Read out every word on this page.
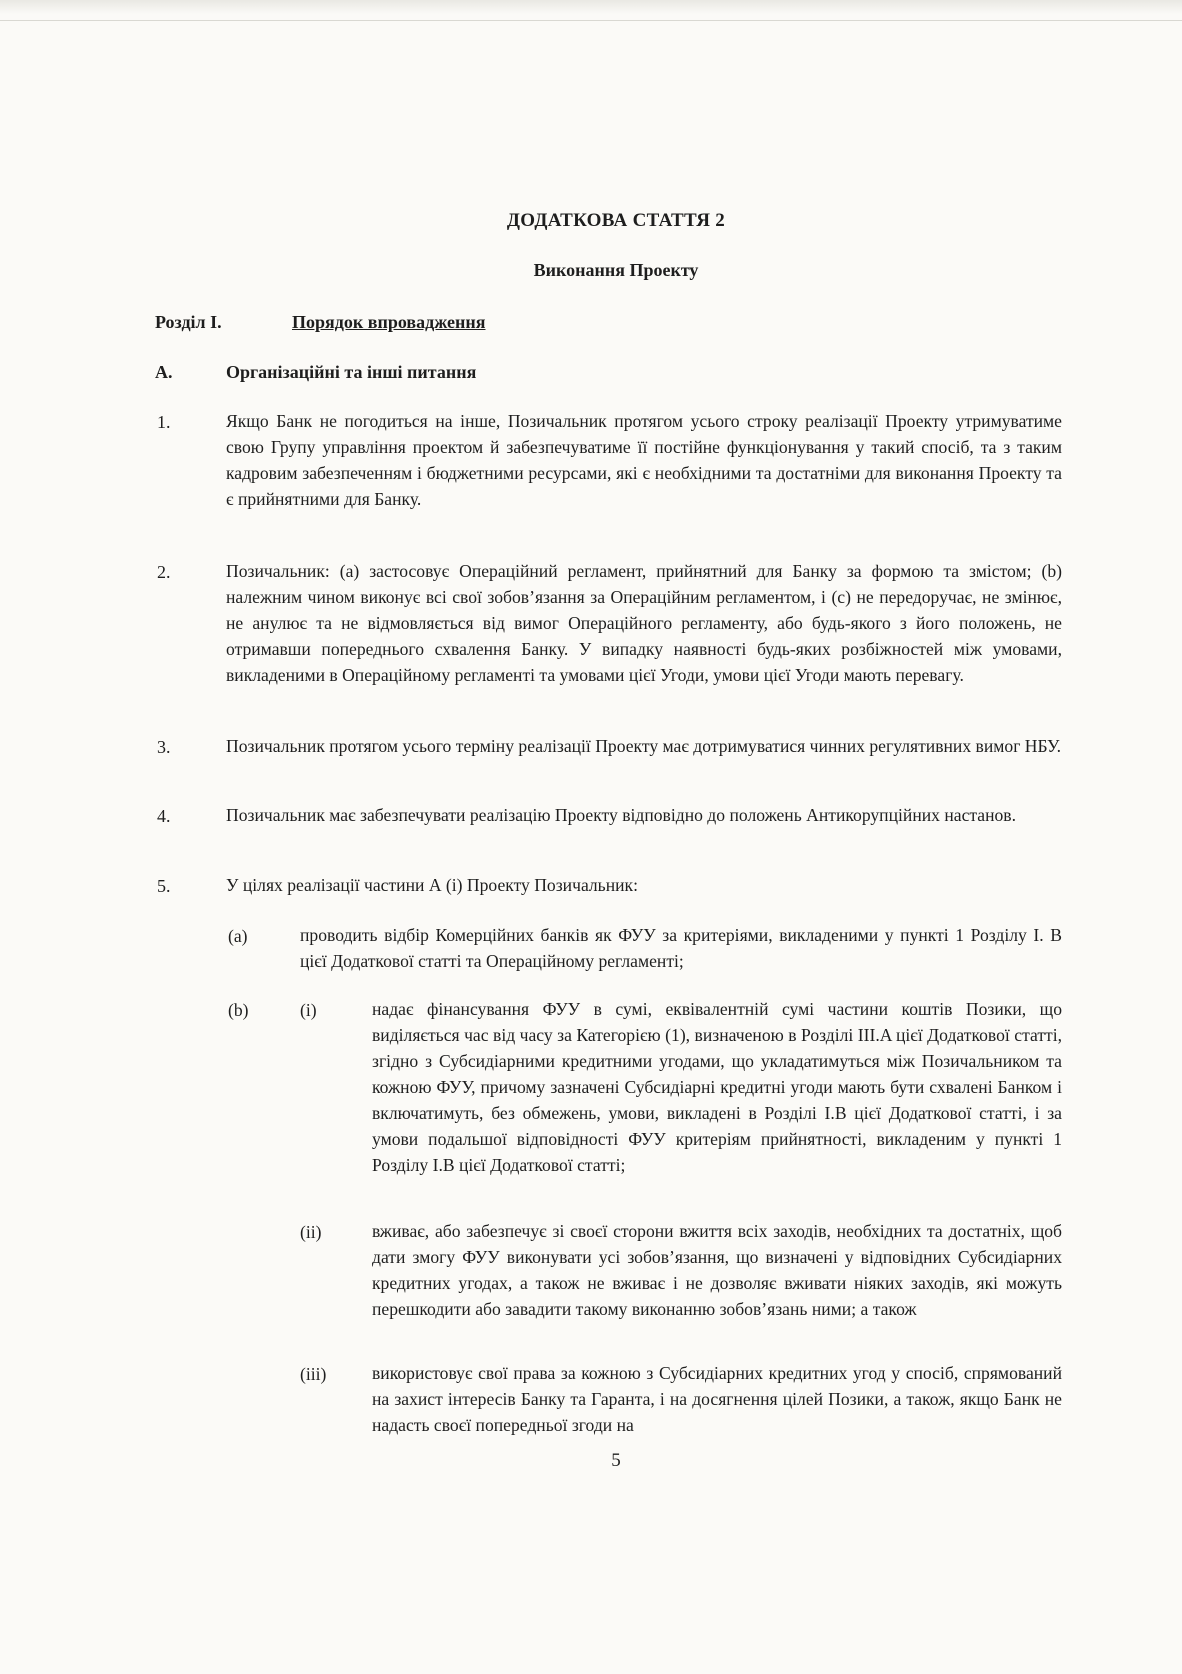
ДОДАТКОВА СТАТТЯ 2
Виконання Проекту
Розділ I.	Порядок впровадження
A.	Організаційні та інші питання
1.	Якщо Банк не погодиться на інше, Позичальник протягом усього строку реалізації Проекту утримуватиме свою Групу управління проектом й забезпечуватиме її постійне функціонування у такий спосіб, та з таким кадровим забезпеченням і бюджетними ресурсами, які є необхідними та достатніми для виконання Проекту та є прийнятними для Банку.
2.	Позичальник: (a) застосовує Операційний регламент, прийнятний для Банку за формою та змістом; (b) належним чином виконує всі свої зобов’язання за Операційним регламентом, і (c) не передоручає, не змінює, не анулює та не відмовляється від вимог Операційного регламенту, або будь-якого з його положень, не отримавши попереднього схвалення Банку. У випадку наявності будь-яких розбіжностей між умовами, викладеними в Операційному регламенті та умовами цієї Угоди, умови цієї Угоди мають перевагу.
3.	Позичальник протягом усього терміну реалізації Проекту має дотримуватися чинних регулятивних вимог НБУ.
4.	Позичальник має забезпечувати реалізацію Проекту відповідно до положень Антикорупційних настанов.
5.	У цілях реалізації частини А (і) Проекту Позичальник:
(a)	проводить відбір Комерційних банків як ФУУ за критеріями, викладеними у пункті 1 Розділу I. В цієї Додаткової статті та Операційному регламенті;
(b)	(i)	надає фінансування ФУУ в сумі, еквівалентній сумі частини коштів Позики, що виділяється час від часу за Категорією (1), визначеною в Розділі III.A цієї Додаткової статті, згідно з Субсидіарними кредитними угодами, що укладатимуться між Позичальником та кожною ФУУ, причому зазначені Субсидіарні кредитні угоди мають бути схвалені Банком і включатимуть, без обмежень, умови, викладені в Розділі I.В цієї Додаткової статті, і за умови подальшої відповідності ФУУ критеріям прийнятності, викладеним у пункті 1 Розділу I.В цієї Додаткової статті;
(ii)	вживає, або забезпечує зі своєї сторони вжиття всіх заходів, необхідних та достатніх, щоб дати змогу ФУУ виконувати усі зобов’язання, що визначені у відповідних Субсидіарних кредитних угодах, а також не вживає і не дозволяє вживати ніяких заходів, які можуть перешкодити або завадити такому виконанню зобов’язань ними; а також
(iii)	використовує свої права за кожною з Субсидіарних кредитних угод у спосіб, спрямований на захист інтересів Банку та Гаранта, і на досягнення цілей Позики, а також, якщо Банк не надасть своєї попередньої згоди на
5
